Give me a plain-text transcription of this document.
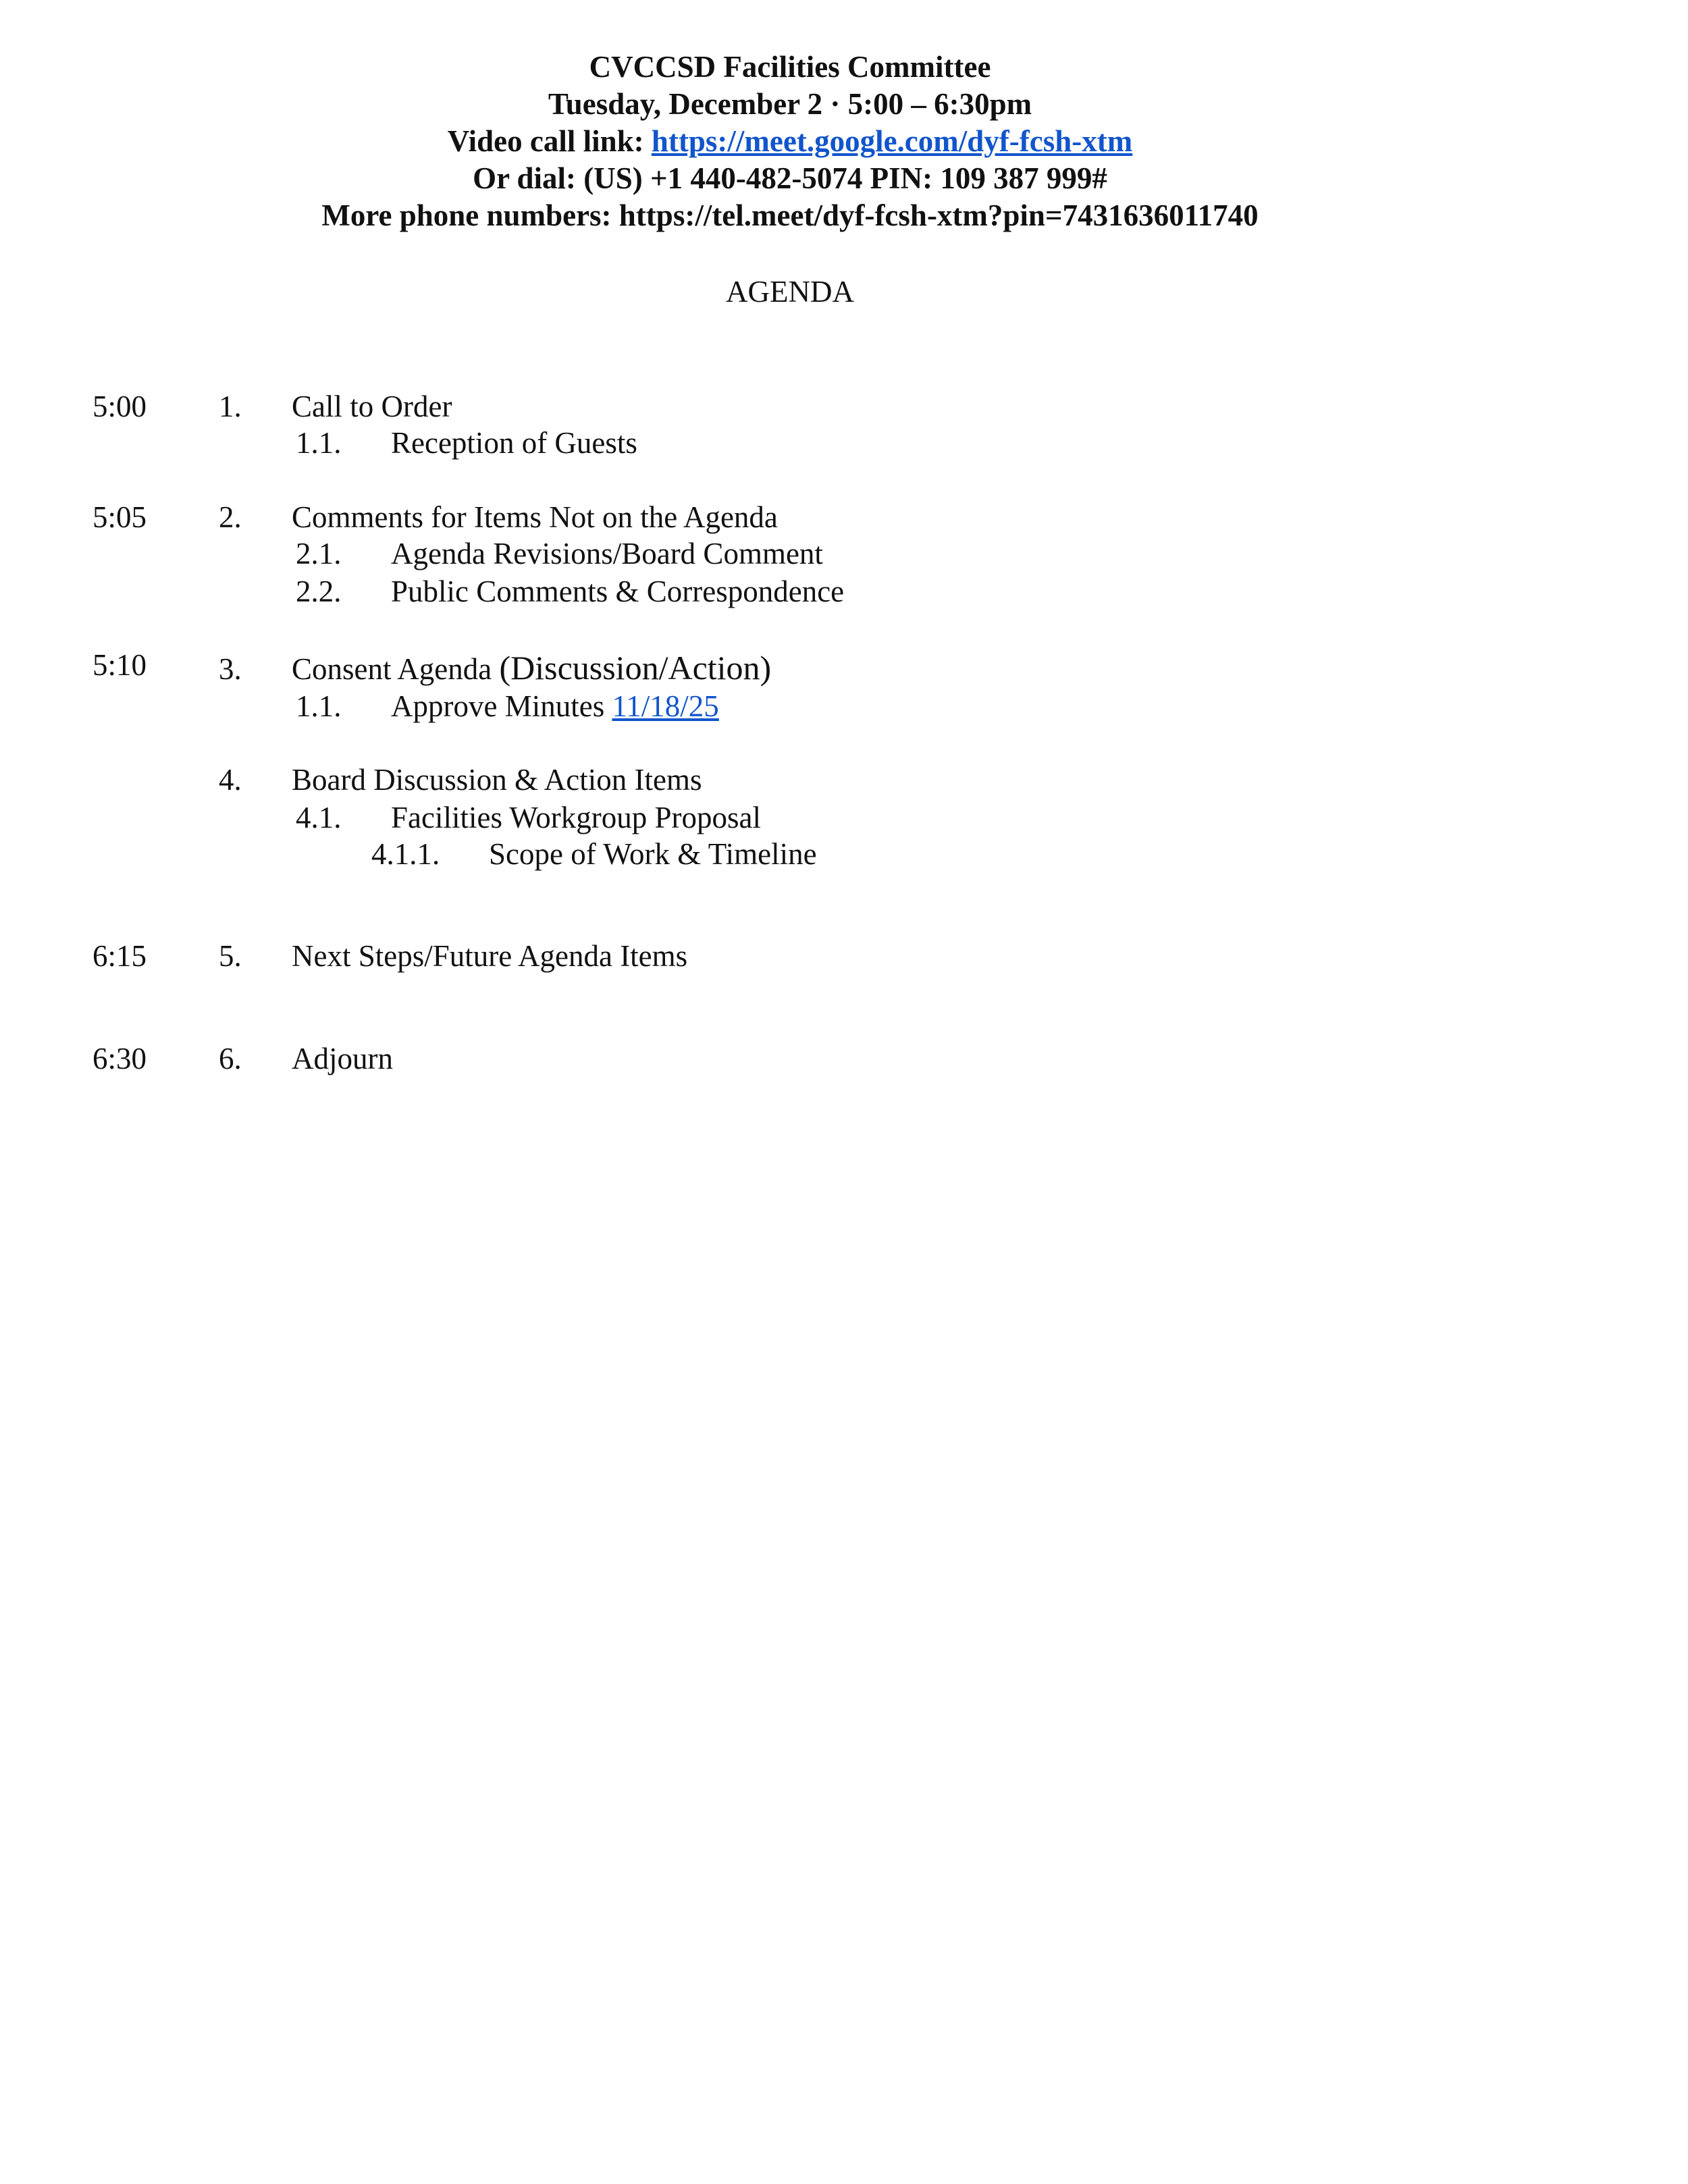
CVCCSD Facilities Committee
Tuesday, December 2 · 5:00 – 6:30pm
Video call link: https://meet.google.com/dyf-fcsh-xtm
Or dial: (US) +1 440-482-5074 PIN: 109 387 999#
More phone numbers: https://tel.meet/dyf-fcsh-xtm?pin=7431636011740
AGENDA
5:00 1. Call to Order
1.1. Reception of Guests
5:05 2. Comments for Items Not on the Agenda
2.1. Agenda Revisions/Board Comment
2.2. Public Comments & Correspondence
5:10 3. Consent Agenda (Discussion/Action)
1.1. Approve Minutes 11/18/25
4. Board Discussion & Action Items
4.1. Facilities Workgroup Proposal
4.1.1. Scope of Work & Timeline
6:15 5. Next Steps/Future Agenda Items
6:30 6. Adjourn
